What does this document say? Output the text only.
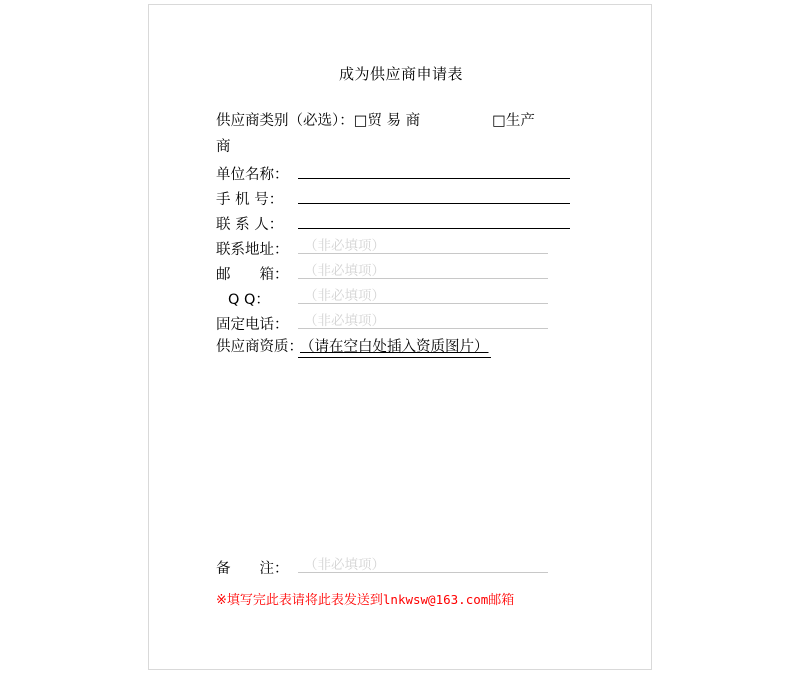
成为供应商申请表
供应商类别（必选）：□贸 易 商	□生产
商
单位名称：
手 机 号：
联 系 人：
联系地址： （非必填项）
邮　　箱： （非必填项）
Q Q：	（非必填项）
固定电话： （非必填项）
供应商资质：（请在空白处插入资质图片）
备　　注： （非必填项）
※填写完此表请将此表发送到lnkwsw@163.com邮箱
